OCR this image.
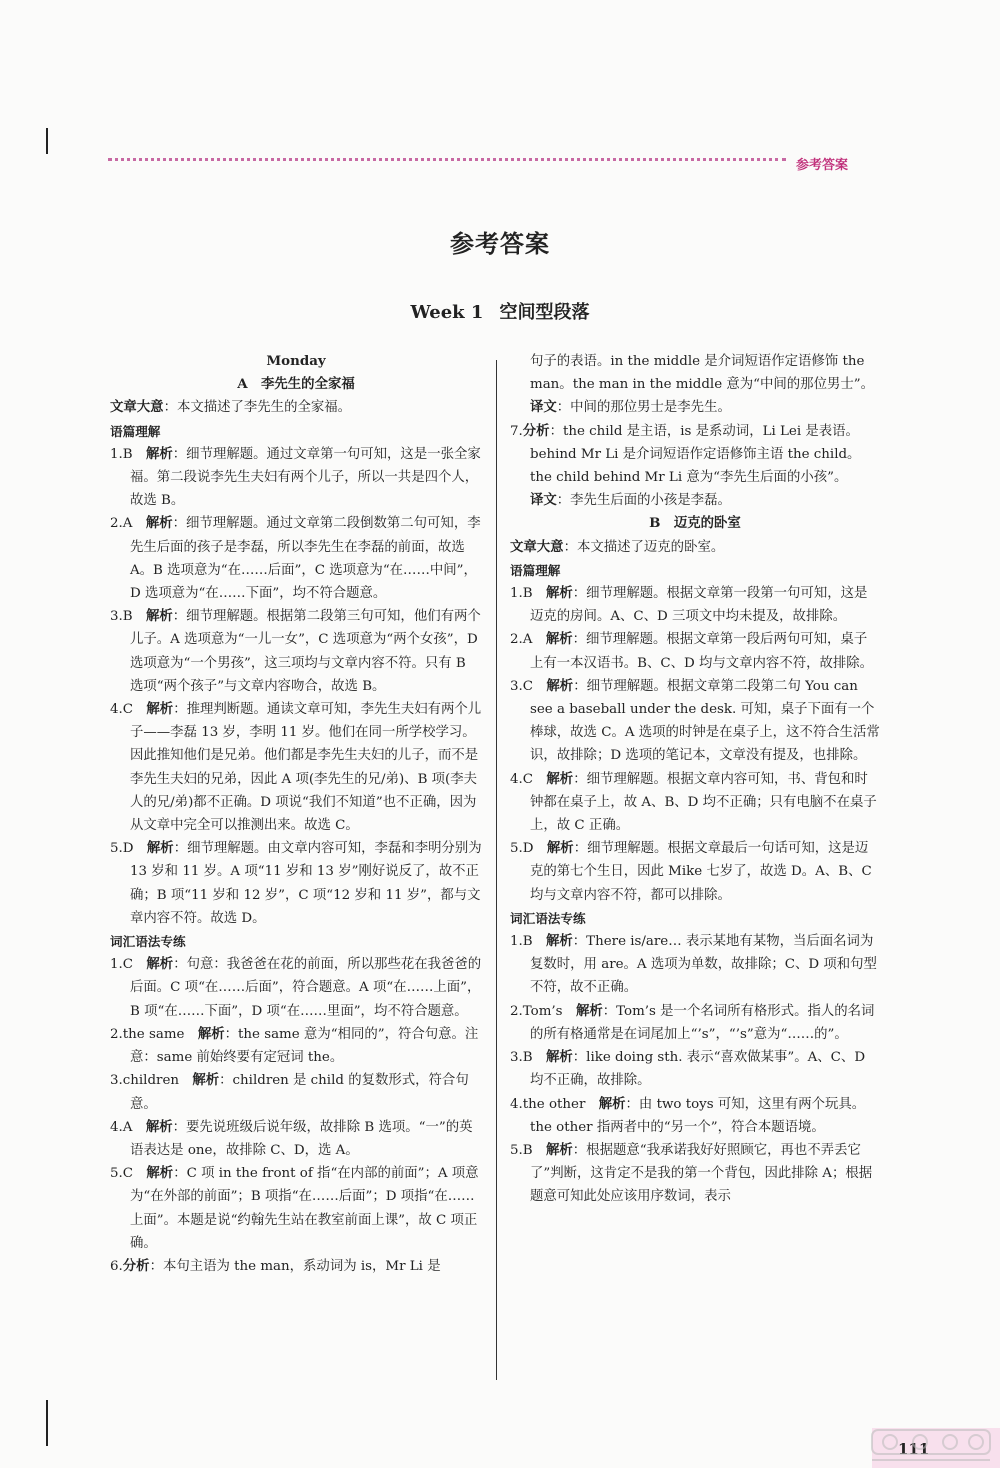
参考答案
参考答案
Week 1 空间型段落

Monday

A　李先生的全家福

文章大意：本文描述了李先生的全家福。

语篇理解

1.B　解析：细节理解题。通过文章第一句可知，这是一张全家福。第二段说李先生夫妇有两个儿子，所以一共是四个人，故选 B。

2.A　解析：细节理解题。通过文章第二段倒数第二句可知，李先生后面的孩子是李磊，所以李先生在李磊的前面，故选 A。B 选项意为“在……后面”，C 选项意为“在……中间”，D 选项意为“在……下面”，均不符合题意。

3.B　解析：细节理解题。根据第二段第三句可知，他们有两个儿子。A 选项意为“一儿一女”，C 选项意为“两个女孩”，D 选项意为“一个男孩”，这三项均与文章内容不符。只有 B 选项“两个孩子”与文章内容吻合，故选 B。

4.C　解析：推理判断题。通读文章可知，李先生夫妇有两个儿子——李磊 13 岁，李明 11 岁。他们在同一所学校学习。因此推知他们是兄弟。他们都是李先生夫妇的儿子，而不是李先生夫妇的兄弟，因此 A 项(李先生的兄/弟)、B 项(李夫人的兄/弟)都不正确。D 项说“我们不知道”也不正确，因为从文章中完全可以推测出来。故选 C。

5.D　解析：细节理解题。由文章内容可知，李磊和李明分别为 13 岁和 11 岁。A 项“11 岁和 13 岁”刚好说反了，故不正确；B 项“11 岁和 12 岁”，C 项“12 岁和 11 岁”，都与文章内容不符。故选 D。

词汇语法专练

1.C　解析：句意：我爸爸在花的前面，所以那些花在我爸爸的后面。C 项“在……后面”，符合题意。A 项“在……上面”，B 项“在……下面”，D 项“在……里面”，均不符合题意。

2.the same　解析：the same 意为“相同的”，符合句意。注意：same 前始终要有定冠词 the。

3.children　解析：children 是 child 的复数形式，符合句意。

4.A　解析：要先说班级后说年级，故排除 B 选项。“一”的英语表达是 one，故排除 C、D，选 A。

5.C　解析：C 项 in the front of 指“在内部的前面”；A 项意为“在外部的前面”；B 项指“在……后面”；D 项指“在……上面”。本题是说“约翰先生站在教室前面上课”，故 C 项正确。

6.分析：本句主语为 the man，系动词为 is，Mr Li 是

句子的表语。in the middle 是介词短语作定语修饰 the man。the man in the middle 意为“中间的那位男士”。

译文：中间的那位男士是李先生。

7.分析：the child 是主语，is 是系动词，Li Lei 是表语。behind Mr Li 是介词短语作定语修饰主语 the child。the child behind Mr Li 意为“李先生后面的小孩”。

译文：李先生后面的小孩是李磊。

B　迈克的卧室

文章大意：本文描述了迈克的卧室。

语篇理解

1.B　解析：细节理解题。根据文章第一段第一句可知，这是迈克的房间。A、C、D 三项文中均未提及，故排除。

2.A　解析：细节理解题。根据文章第一段后两句可知，桌子上有一本汉语书。B、C、D 均与文章内容不符，故排除。

3.C　解析：细节理解题。根据文章第二段第二句 You can see a baseball under the desk. 可知，桌子下面有一个棒球，故选 C。A 选项的时钟是在桌子上，这不符合生活常识，故排除；D 选项的笔记本，文章没有提及，也排除。

4.C　解析：细节理解题。根据文章内容可知，书、背包和时钟都在桌子上，故 A、B、D 均不正确；只有电脑不在桌子上，故 C 正确。

5.D　解析：细节理解题。根据文章最后一句话可知，这是迈克的第七个生日，因此 Mike 七岁了，故选 D。A、B、C 均与文章内容不符，都可以排除。

词汇语法专练

1.B　解析：There is/are… 表示某地有某物，当后面名词为复数时，用 are。A 选项为单数，故排除；C、D 项和句型不符，故不正确。

2.Tom’s　解析：Tom’s 是一个名词所有格形式。指人的名词的所有格通常是在词尾加上“’s”，“’s”意为“……的”。

3.B　解析：like doing sth. 表示“喜欢做某事”。A、C、D 均不正确，故排除。

4.the other　解析：由 two toys 可知，这里有两个玩具。the other 指两者中的“另一个”，符合本题语境。

5.B　解析：根据题意“我承诺我好好照顾它，再也不弄丢它了”判断，这肯定不是我的第一个背包，因此排除 A；根据题意可知此处应该用序数词，表示

111
